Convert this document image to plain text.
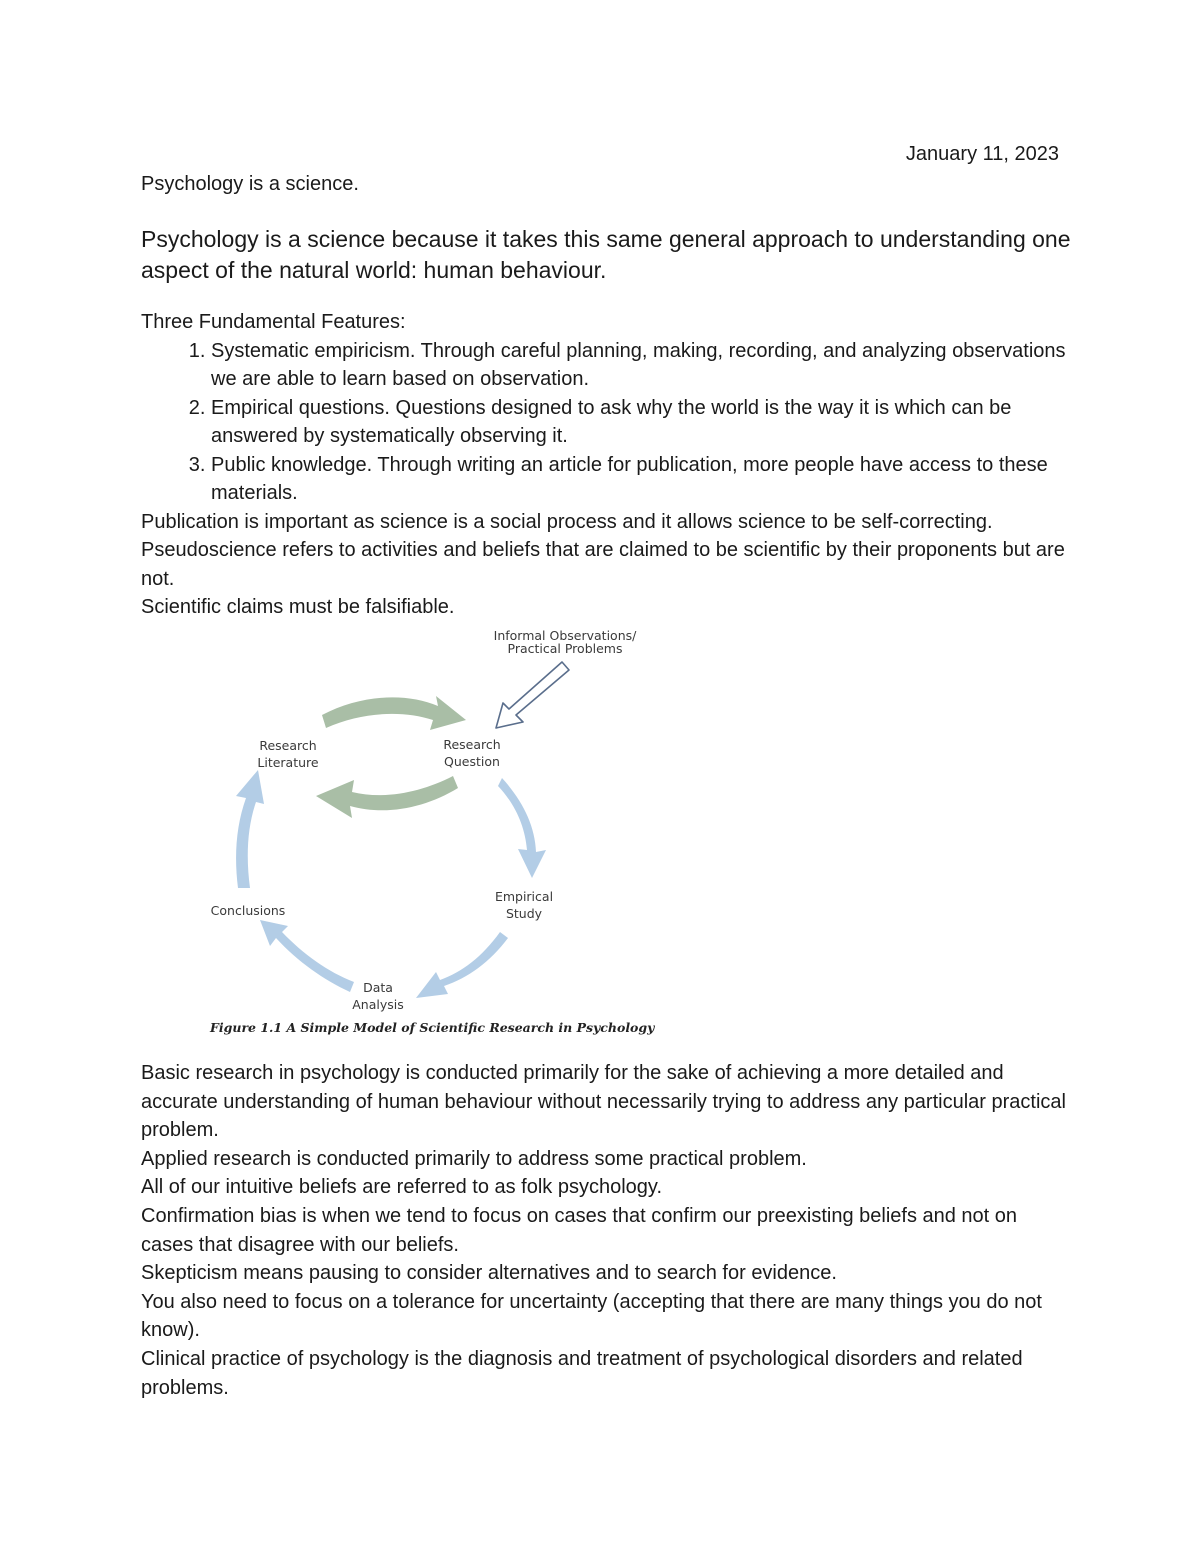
January 11, 2023
Psychology is a science.
Psychology is a science because it takes this same general approach to understanding one aspect of the natural world: human behaviour.

Three Fundamental Features:

1. Systematic empiricism. Through careful planning, making, recording, and analyzing observations we are able to learn based on observation.
2. Empirical questions. Questions designed to ask why the world is the way it is which can be answered by systematically observing it.
3. Public knowledge. Through writing an article for publication, more people have access to these materials.

Publication is important as science is a social process and it allows science to be self-correcting.

Pseudoscience refers to activities and beliefs that are claimed to be scientific by their proponents but are not.

Scientific claims must be falsifiable.

Informal Observations/
Practical Problems
Research
Literature
Research
Question
Empirical
Study
Conclusions
Data
Analysis
Figure 1.1 A Simple Model of Scientific Research in Psychology

Basic research in psychology is conducted primarily for the sake of achieving a more detailed and accurate understanding of human behaviour without necessarily trying to address any particular practical problem.

Applied research is conducted primarily to address some practical problem.

All of our intuitive beliefs are referred to as folk psychology.

Confirmation bias is when we tend to focus on cases that confirm our preexisting beliefs and not on cases that disagree with our beliefs.

Skepticism means pausing to consider alternatives and to search for evidence.

You also need to focus on a tolerance for uncertainty (accepting that there are many things you do not know).

Clinical practice of psychology is the diagnosis and treatment of psychological disorders and related problems.
